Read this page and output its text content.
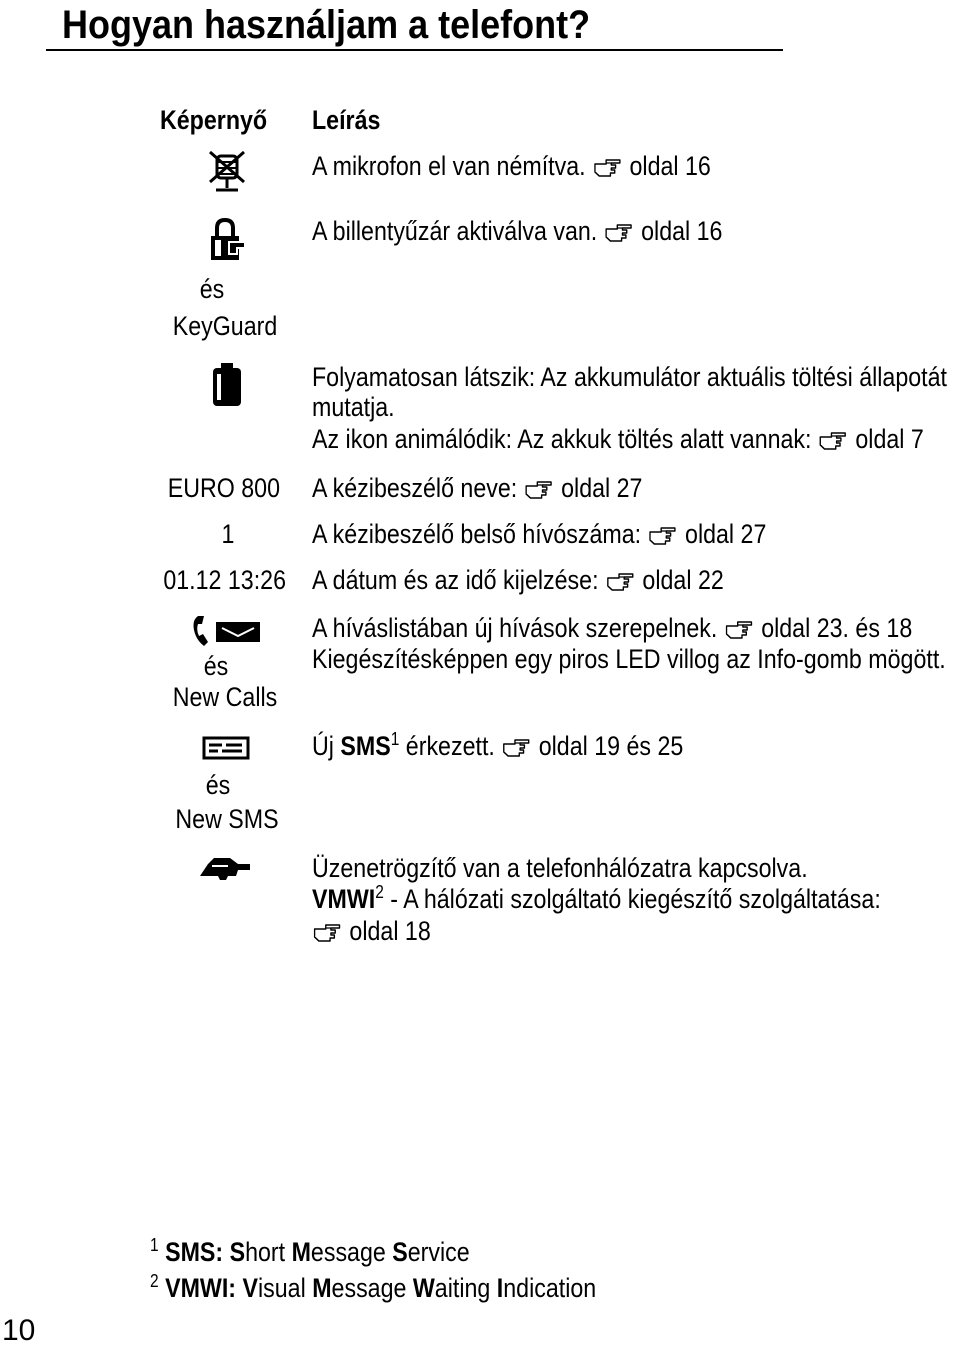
Hogyan használjam a telefont?
Képernyő Leírás
A mikrofon el van némítva. oldal 16
A billentyűzár aktiválva van. oldal 16
és
KeyGuard
Folyamatosan látszik: Az akkumulátor aktuális töltési állapotát
mutatja.
Az ikon animálódik: Az akkuk töltés alatt vannak: oldal 7
EURO 800 A kézibeszélő neve: oldal 27
1	A kézibeszélő belső hívószáma: oldal 27
01.12 13:26 A dátum és az idő kijelzése: oldal 22
és
New Calls
A híváslistában új hívások szerepelnek. oldal 23. és 18
Kiegészítésképpen egy piros LED villog az Info-gomb mögött.
és
New SMS
Új SMS$^1$ érkezett. oldal 19 és 25
Üzenetrögzítő van a telefonhálózatra kapcsolva.
VMWI$^2$ - A hálózati szolgáltató kiegészítő szolgáltatása:
oldal 18
$^1$ SMS: Short Message Service
$^2$ VMWI: Visual Message Waiting Indication
10
